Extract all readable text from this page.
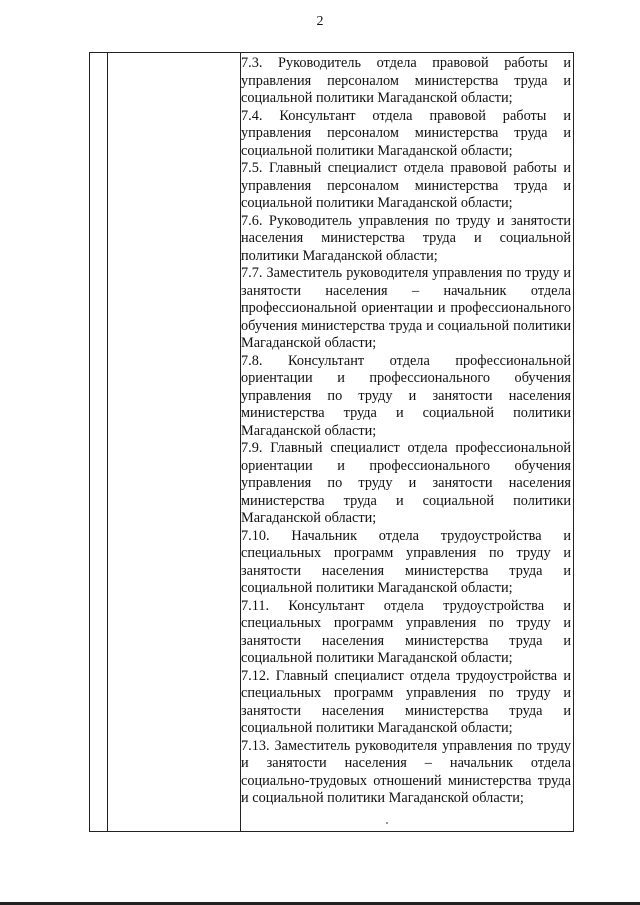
2

7.3. Руководитель отдела правовой работы и управления персоналом министерства труда и социальной политики Магаданской области;

7.4. Консультант отдела правовой работы и управления персоналом министерства труда и социальной политики Магаданской области;

7.5. Главный специалист отдела правовой работы и управления персоналом министерства труда и социальной политики Магаданской области;

7.6. Руководитель управления по труду и занятости населения министерства труда и социальной политики Магаданской области;

7.7. Заместитель руководителя управления по труду и занятости населения – начальник отдела профессиональной ориентации и профессионального обучения министерства труда и социальной политики Магаданской области;

7.8. Консультант отдела профессиональной ориентации и профессионального обучения управления по труду и занятости населения министерства труда и социальной политики Магаданской области;

7.9. Главный специалист отдела профессиональной ориентации и профессионального обучения управления по труду и занятости населения министерства труда и социальной политики Магаданской области;

7.10. Начальник отдела трудоустройства и специальных программ управления по труду и занятости населения министерства труда и социальной политики Магаданской области;

7.11. Консультант отдела трудоустройства и специальных программ управления по труду и занятости населения министерства труда и социальной политики Магаданской области;

7.12. Главный специалист отдела трудоустройства и специальных программ управления по труду и занятости населения министерства труда и социальной политики Магаданской области;

7.13. Заместитель руководителя управления по труду и занятости населения – начальник отдела социально-трудовых отношений министерства труда и социальной политики Магаданской области;
